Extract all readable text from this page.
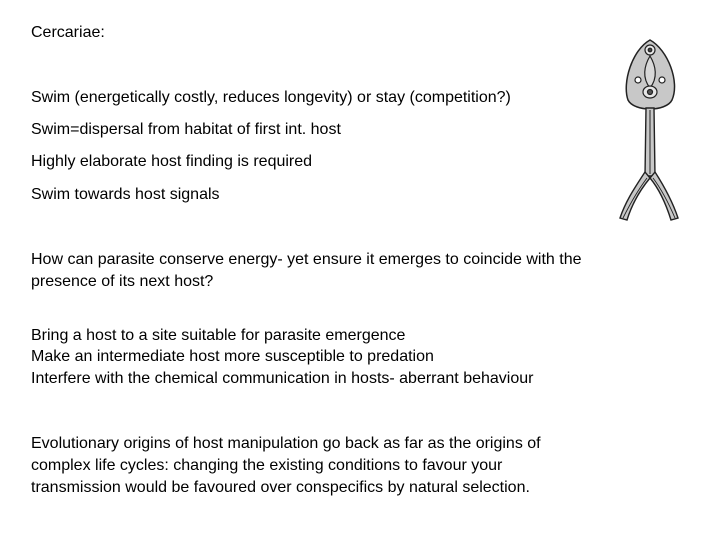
Cercariae:

Swim (energetically costly, reduces longevity) or stay (competition?)

Swim=dispersal from habitat of first int. host

Highly elaborate host finding is required

Swim towards host signals

How can parasite conserve energy- yet ensure it emerges to coincide with the

presence of its next host?

Bring a host to a site suitable for parasite emergence

Make an intermediate host more susceptible to predation

Interfere with the chemical communication in hosts- aberrant behaviour

Evolutionary origins of host manipulation go back as far as the origins of

complex life cycles: changing the existing conditions to favour your

transmission would be favoured over conspecifics by natural selection.
